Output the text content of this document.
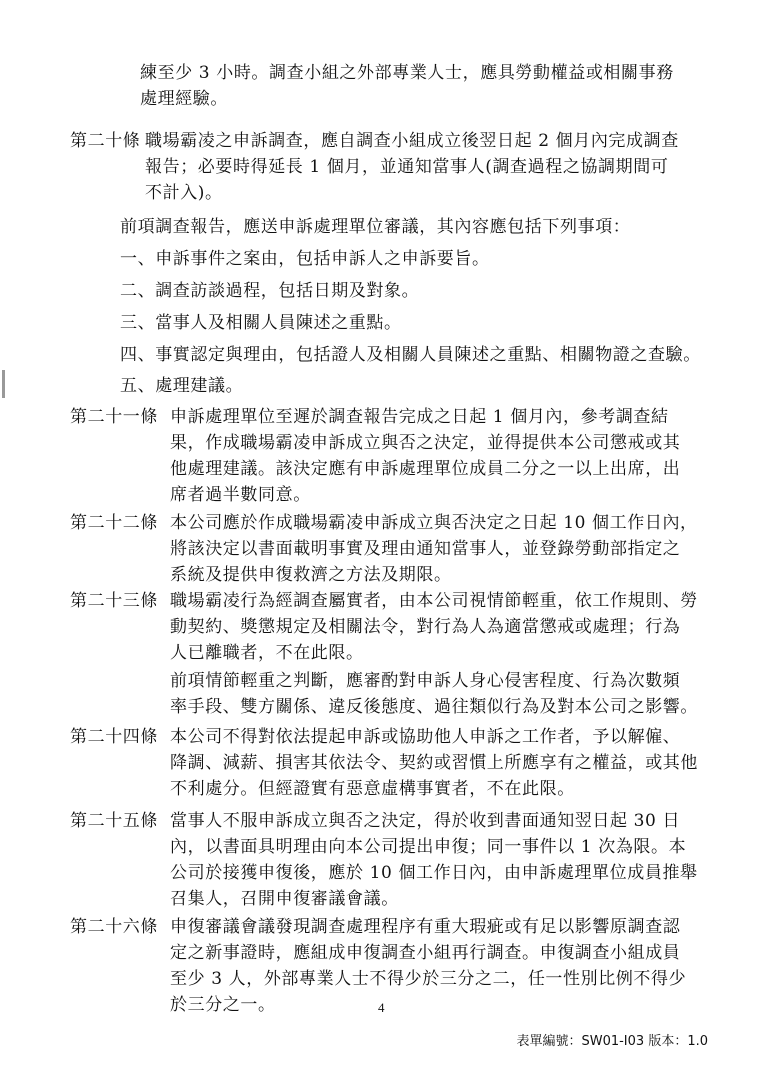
練至少 3 小時。調查小組之外部專業人士，應具勞動權益或相關事務
處理經驗。
第二十條 職場霸凌之申訴調查，應自調查小組成立後翌日起 2 個月內完成調查
報告；必要時得延長 1 個月，並通知當事人(調查過程之協調期間可
不計入)。
前項調查報告，應送申訴處理單位審議，其內容應包括下列事項：
一、申訴事件之案由，包括申訴人之申訴要旨。
二、調查訪談過程，包括日期及對象。
三、當事人及相關人員陳述之重點。
四、事實認定與理由，包括證人及相關人員陳述之重點、相關物證之查驗。
五、處理建議。
第二十一條 申訴處理單位至遲於調查報告完成之日起 1 個月內，參考調查結
果，作成職場霸凌申訴成立與否之決定，並得提供本公司懲戒或其
他處理建議。該決定應有申訴處理單位成員二分之一以上出席，出
席者過半數同意。
第二十二條 本公司應於作成職場霸凌申訴成立與否決定之日起 10 個工作日內，
將該決定以書面載明事實及理由通知當事人，並登錄勞動部指定之
系統及提供申復救濟之方法及期限。
第二十三條 職場霸凌行為經調查屬實者，由本公司視情節輕重，依工作規則、勞
動契約、獎懲規定及相關法令，對行為人為適當懲戒或處理；行為
人已離職者，不在此限。
前項情節輕重之判斷，應審酌對申訴人身心侵害程度、行為次數頻
率手段、雙方關係、違反後態度、過往類似行為及對本公司之影響。
第二十四條 本公司不得對依法提起申訴或協助他人申訴之工作者，予以解僱、
降調、減薪、損害其依法令、契約或習慣上所應享有之權益，或其他
不利處分。但經證實有惡意虛構事實者，不在此限。
第二十五條 當事人不服申訴成立與否之決定，得於收到書面通知翌日起 30 日
內，以書面具明理由向本公司提出申復；同一事件以 1 次為限。本
公司於接獲申復後，應於 10 個工作日內，由申訴處理單位成員推舉
召集人，召開申復審議會議。
第二十六條 申復審議會議發現調查處理程序有重大瑕疵或有足以影響原調查認
定之新事證時，應組成申復調查小組再行調查。申復調查小組成員
至少 3 人，外部專業人士不得少於三分之二，任一性別比例不得少
於三分之一。	4
表單編號：SW01-I03 版本：1.0
